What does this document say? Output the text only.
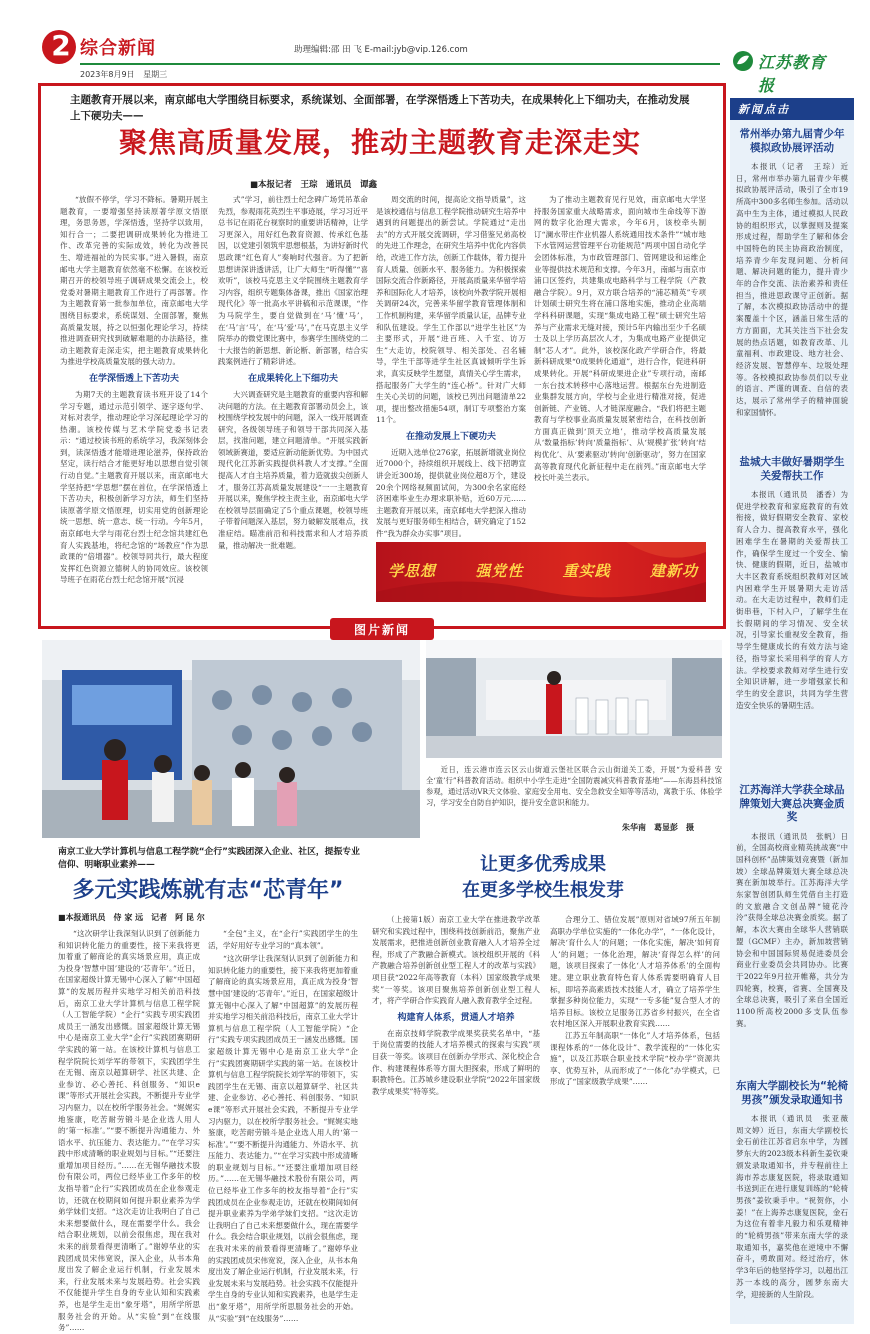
2 综合新闻	助理编辑:邵 田 飞 E-mail:jyb@vip.126.com
2023年8月9日 星期三
江苏教育报
主题教育开展以来，南京邮电大学围绕目标要求，系统谋划、全面部署，在学深悟透上下苦功夫，在成果转化上下细功夫，在推动发展上下硬功夫——
聚焦高质量发展，推动主题教育走深走实
■本报记者　王琮　通讯员　谭鑫

“放假不停学，学习不降标。暑期开展主题教育，一要增强坚持读原著学原文悟原理，务思务恩，学深悟透，坚持学以致用，知行合一；二要把调研成果转化为推进工作、改革完善的实际成效，转化为改善民生、增进福祉的为民实事。”进入暑假，南京邮电大学主题教育依然毫不松懈。在该校近期召开的校领导班子调研成果交流会上，校党委对暑期主题教育工作进行了再部署。作为主题教育第一批参加单位，南京邮电大学围绕目标要求，系统谋划、全面部署，聚焦高质量发展，持之以恒强化理论学习，持续推进调查研究找到破解难题的办法路径，推动主题教育走深走实，把主题教育成果转化为推进学校高质量发展的强大动力。

在学深悟透上下苦功夫

为期7天的主题教育读书班开设了14个学习专题，通过示范引领学、逐字逐句学、对标对表学，推动理论学习深起理论学习的热潮。该校传媒与艺术学院党委书记表示：“通过校读书班的系统学习，我深刻体会到，读深悟透才能增进理论滋养，保持政治坚定，读行结合才能更好地以思想自觉引领行动自觉。”主题教育开展以来，南京邮电大学坚持把“学思想”摆在首位，在学深悟透上下苦功夫，积极创新学习方法，师生们坚持读原著学原文悟原理，切实用党的创新理论统一思想、统一意志、统一行动。今年5月，南京邮电大学与雨花台烈士纪念馆共建红色育人实践基地，将纪念馆的“场教应”作为思政课的“倍增器”。校领导同共行，最大程度发挥红色资源立德树人的协同效应。该校领导班子在雨花台烈士纪念馆开展“沉浸

式”学习，前往烈士纪念碑广场凭吊革命先烈，参观雨花英烈生平事迹展，学习习近平总书记在雨花台视察时的重要讲话精神，让学习更深入，用好红色教育资源、传承红色基因，以党建引领筑牢思想根基，为讲好新时代思政课“红色育人”奏响时代强音。为了把新思想讲深讲透讲活，让广大师生“听得懂”“喜欢听”，该校马克思主义学院围绕主题教育学习内容，组织专题集体备课，推出《国家治理现代化》等一批高水平讲稿和示范课课，“作为马院学生，要自觉做到在‘马’懂‘马’，在‘马’言‘马’，在‘马’爱‘马’，”在马克思主义学院举办的微党课比赛中，参赛学生围绕党的二十大报告的新思想、新论断、新部署，结合实践案例进行了精彩讲述。

在成果转化上下细功夫

大兴调查研究是主题教育的重要内容和解决问题的方法。在主题教育部署动员会上，该校围绕学校发展中的问题，深入一线开展调查研究，各级领导班子和领导干部共同深入基层，找准问题，建立问题清单。“开展实践新领域新赛道，要适应新动能新优势。为中国式现代化江苏新实践提供科教人才支撑。”全面提高人才自主培养质量，着力造就拔尖创新人才，服务江苏高质量发展建设“一一主题教育开展以来，聚焦学校主责主业，南京邮电大学在校领导层面确定了5个重点课题，校领导班子带着问题深入基层，努力破解发展难点，找准症结。瞄准前沿和科技需求和人才培养质量，推动解决一批难题。

周交流的时间，提高论文指导质量”，这是该校通信与信息工程学院推动研究生培养中遇到的问题提出的新尝试。学院通过“走出去”的方式开展交流调研，学习借鉴兄弟高校的先进工作理念，在研究生培养中优化内容供给，改进工作方法，创新工作载体，着力提升育人质量、创新水平、服务能力。为积极探索国际交流合作新路径，开展高质量来华留学培养和国际化人才培养，该校向外教学院开展相关调研24次，完善来华留学教育管理体制和工作机制构建，来华留学质量认证，品牌专业和队伍建设。学生工作部以“进学生社区”为主要形式，开展“进百班、入千室、访万生”大走访，校院领导、相关部处、召名辅导，学生干部等进学生社区真诚倾听学生诉求，真实反映学生愿望，真情关心学生需求，搭起服务广大学生的“连心桥”。针对广大师生关心关切的问题，该校已列出问题清单22项，提出整改措施54项，制订专项整治方案11个。

在推动发展上下硬功夫

近期入选单位276家，拓展新增就业岗位近7000个，持续组织开展线上、线下招聘宣讲会近300场，提供就业岗位超8万个，建设20余个网络视频面试间，为300余名家庭经济困难毕业生办理求职补贴，近60万元……主题教育开展以来，南京邮电大学把深入推动发展与更好服务师生相结合，研究确定了152件“我为群众办实事”项目。

为了推动主题教育见行见效，南京邮电大学坚持服务国家重大战略需求，面向城市生命线等下游网的数字化治理大需求，今年6月，该校牵头制订“澜水带庄作业机器人系统通用技术条件”“城市地下水管网运营管理平台功能规范”两项中国自动化学会团体标准，为市政管理部门、管网建设和运维企业等提供技术规范和支撑。今年3月，南邮与南京市浦口区签约，共建集成电路科学与工程学院（产教融合学院）。9月，双方联合培养的“浦芯精英”专项计划硕士研究生将在浦口落地实施，推动企业高端学科科研课题，实现“集成电路工程”硕士研究生培养与产业需求无缝对接，预计5年内输出至少千名硕士及以上学历高层次人才，为集成电路产业提供定制“芯人才”。此外，该校深化政产学研合作，将最新科研成果“0成果转化通道”，进行合作，促进科研成果转化。开展“科研成果进企业”专项行动，南邮一东台技术转移中心落地运营。根据东台先进制造业集群发展方向，学校与企业进行精准对接，促进创新链、产业链、人才链深度融合。“我们将把主题教育与学校事业高质量发展紧密结合，在科技创新方面真正做到‘顶天立地’，推动学校高质量发展从‘数量指标’转向‘质量指标’、从‘规模扩张’转向‘结构优化’、从‘要素驱动’转向‘创新驱动’，努力在国家高等教育现代化新征程中走在前列。”南京邮电大学校长叶美兰表示。

学思想	强党性	重实践	建新功
图片新闻
近日，连云港市连云区云山街道云堡社区联合云山街道关工委，开展“为爱科普 安全‘童’行”科普教育活动。组织中小学生走进“全国防震减灾科普教育基地”——东海县科技馆参观，通过活动VR天文体验、家庭安全用电、安全急救安全知等等活动，寓教于乐、体验学习，学习安全自防自护知识，提升安全意识和能力。
朱华南　葛显彭　摄
南京工业大学计算机与信息工程学院“企行”实践团深入企业、社区，提振专业信仰、明晰职业素养——
多元实践炼就有志“芯青年”
■本报通讯员　侍 家 远　记者　阿 昆 尔

“这次研学让我深刻认识到了创新能力和知识转化能力的重要性，接下来我将更加着重了解商论的真实场景应用，真正成为投身‘智慧中国’建设的‘芯青年’。”近日，在国家超级计算无锡中心深入了解“中国超算”的发展历程并实地学习相关前沿科技后，南京工业大学计算机与信息工程学院（人工智能学院）“企行”实践专项实践团成员王一涵发出感慨。国家超级计算无锡中心是南京工业大学“企行”实践团赛期研学实践的第一站。在该校计算机与信息工程学院院长刘学军的带领下，实践团学生在无锡、南京以超算研学、社区共建、企业参访、必心善托、科创服务、“知识e课”等形式开展社会实践，不断提升专业学习内驱力，以在校所学服务社会。“娓娓实地鉴康，吃苦耐劳锻斗是企业选人用人的‘第一标准’。”“要不断提升沟通能力、外语水平、抗压能力、表达能力。”“在学习实践中形成清晰的职业规划与目标。”“还要注重增加项目经历。”……在无锡华融技术股份有限公司，两位已经毕业工作多年的校友指导着“企行”实践团成员在企业参观走访，还就在校期间如何提升职业素养为学弟学妹们支招。“这次走访让我明白了自己未来想要做什么，现在需要学什么。我会结合职业规划，以前会很焦虑，现在我对未来的前景看得更清晰了。”谢婷华业的实践团成员宋伟宽说，深入企业，从书本角度出发了解企业运行机制，行业发展未来，行业发展未来与发展趋势。社会实践不仅能提升学生自身的专业认知和实践素养，也是学生走出“象牙塔”，用所学所思服务社会的开始。从“实验”到“在线服务”……

“全包”主义，在“企行”实践团学生的生活，学好用好专业学习的“真本领”。

“这次研学让我深刻认识到了创新能力和知识转化能力的重要性，接下来我将更加着重了解商论的真实场景应用，真正成为投身‘智慧中国’建设的‘芯青年’。”近日，在国家超级计算无锡中心深入了解“中国超算”的发展历程并实地学习相关前沿科技后，南京工业大学计算机与信息工程学院（人工智能学院）“企行”实践专项实践团成员王一涵发出感慨。国家超级计算无锡中心是南京工业大学“企行”实践团赛期研学实践的第一站。在该校计算机与信息工程学院院长刘学军的带领下，实践团学生在无锡、南京以超算研学、社区共建、企业参访、必心善托、科创服务、“知识e课”等形式开展社会实践，不断提升专业学习内驱力，以在校所学服务社会。“娓娓实地鉴康，吃苦耐劳锻斗是企业选人用人的‘第一标准’。”“要不断提升沟通能力、外语水平、抗压能力、表达能力。”“在学习实践中形成清晰的职业规划与目标。”“还要注重增加项目经历。”……在无锡华融技术股份有限公司，两位已经毕业工作多年的校友指导着“企行”实践团成员在企业参观走访，还就在校期间如何提升职业素养为学弟学妹们支招。“这次走访让我明白了自己未来想要做什么，现在需要学什么。我会结合职业规划，以前会很焦虑，现在我对未来的前景看得更清晰了。”谢婷华业的实践团成员宋伟宽说，深入企业，从书本角度出发了解企业运行机制，行业发展未来，行业发展未来与发展趋势。社会实践不仅能提升学生自身的专业认知和实践素养，也是学生走出“象牙塔”，用所学所思服务社会的开始。从“实验”到“在线服务”……

让更多优秀成果
在更多学校生根发芽

（上接第1版）南京工业大学在推进教学改革研究和实践过程中，围绕科技创新前沿，聚焦产业发展需求，把推进创新创业教育融入人才培养全过程，形成了产教融合新模式。该校组织开展的《科产教融合培养创新创业型工程人才的改革与实践》项目获“2022年高等教育（本科）国家级教学成果奖”一等奖。该项目聚焦培养创新创业型工程人才，将产学研合作实践育人融入教育教学全过程。

构建育人体系，贯通人才培养

在南京技师学院教学成果奖获奖名单中，“基于岗位需要的技能人才培养模式的探索与实践”项目获一等奖。该项目在创新办学形式、深化校企合作、构建课程体系等方面大胆探索，形成了鲜明的职教特色。江苏城乡建设职业学院“2022年国家级教学成果奖”特等奖。

合理分工、错位发展”原则对省域97所五年制高职办学单位实施的“一体化办学”，“一体化设计，解决‘育什么人’的问题；一体化实施，解决‘如何育人’的问题；一体化治理，解决‘育得怎么样’的问题，该项目探索了一体化‘人才培养体系’的全面构建。建立职业教育特色育人体系需要明确育人目标，即培养高素质技术技能人才，确立了培养学生掌握多种岗位能力，实现“一专多能”复合型人才的培养目标。该校立足服务江苏省乡村振兴，在全省农村地区深入开展职业教育实践……

江苏五年制高职“一体化”人才培养体系，包括课程体系的“一体化设计”、教学流程的“一体化实施”，以及江苏联合职业技术学院“校办学”资源共享、优势互补，从而形成了“一体化”办学模式，已形成了“国家级教学成果”……

新闻点击
常州举办第九届青少年模拟政协展评活动

本报讯（记者　王琮）近日，常州市举办第九届青少年模拟政协展评活动，吸引了全市19所高中300多名师生参加。活动以高中生为主体，通过模拟人民政协的组织形式，以掌握则及提案形成过程，帮助学生了解和体会中国特色的民主协商政治制度，培养青少年发现问题、分析问题、解决问题的能力，提升青少年的合作交流、法治素养和责任担当，推进思政课守正创新。据了解，本次模拟政协活动中的提案覆盖十个区，涵盖日常生活的方方面面，尤其关注当下社会发展的热点话题，如教育改革、儿童福利、市政建设、地方社会、经济发展、智慧停车、垃圾处理等。各校模拟政协参员们以专业的语言、严谨的调查、自信的表达，展示了常州学子的精神面貌和家国情怀。

盐城大丰做好暑期学生关爱帮扶工作

本报讯（通讯员　潘香）为促进学校教育和家庭教育的有效衔接，做好假期安全教育、家校育人合力、提高教育水平，强化困难学生在暑期的关爱帮扶工作，确保学生度过一个安全、愉快、健康的假期，近日，盐城市大丰区教育系统组织教师对区域内困难学生开展暑期大走访活动。在大走访过程中，教师们走街串巷，下村入户，了解学生在长假期间的学习情况、安全状况，引导家长重视安全教育，指导学生健康成长的有效方法与途径，指导家长采用科学的育人方法。学校要求教师对学生进行安全知识讲解，进一步增强家长和学生的安全意识，共同为学生营造安全快乐的暑期生活。

江苏海洋大学获全球品牌策划大赛总决赛金质奖

本报讯（通讯员　张帆）日前，全国高校商业精英挑战赛“中国科创杯”品牌策划竞赛暨（新加坡）全球品牌策划大赛全球总决赛在新加坡举行。江苏海洋大学东家智创团队师生凭借自主打造的文旅融合文创品牌“镜花泠泠”获得全球总决赛金质奖。据了解，本次大赛由全球华人营销联盟（GCMF）主办，新加坡营销协会和中国国际贸易促进委员会商业行业委员会共同协办。比赛于2022年9月拉开帷幕，共分为四轮赛，校赛，省赛、全国赛及全球总决赛，吸引了来自全国近1100所高校2000多支队伍参赛。

东南大学副校长为“轮椅男孩”颁发录取通知书

本报讯（通讯员　张亚薇　周文婷）近日，东南大学副校长金石前往江苏省启东中学，为圆梦东大的2023级本科新生姜钦秉颁发录取通知书，并专程前往上海市养志康复医院，将录取通知书送到正在进行康复训练的“轮椅男孩”姜钦秉手中。“祝贺你，小姜！”在上海养志康复医院，金石为这位有着非凡毅力和乐观精神的“轮椅男孩”带来东南大学的录取通知书，嘉奖他在逆境中不懈奋斗，勇敢面对。经过治疗，休学3年后的他坚持学习，以超出江苏一本线的高分，圆梦东南大学，迎接新的人生阶段。
